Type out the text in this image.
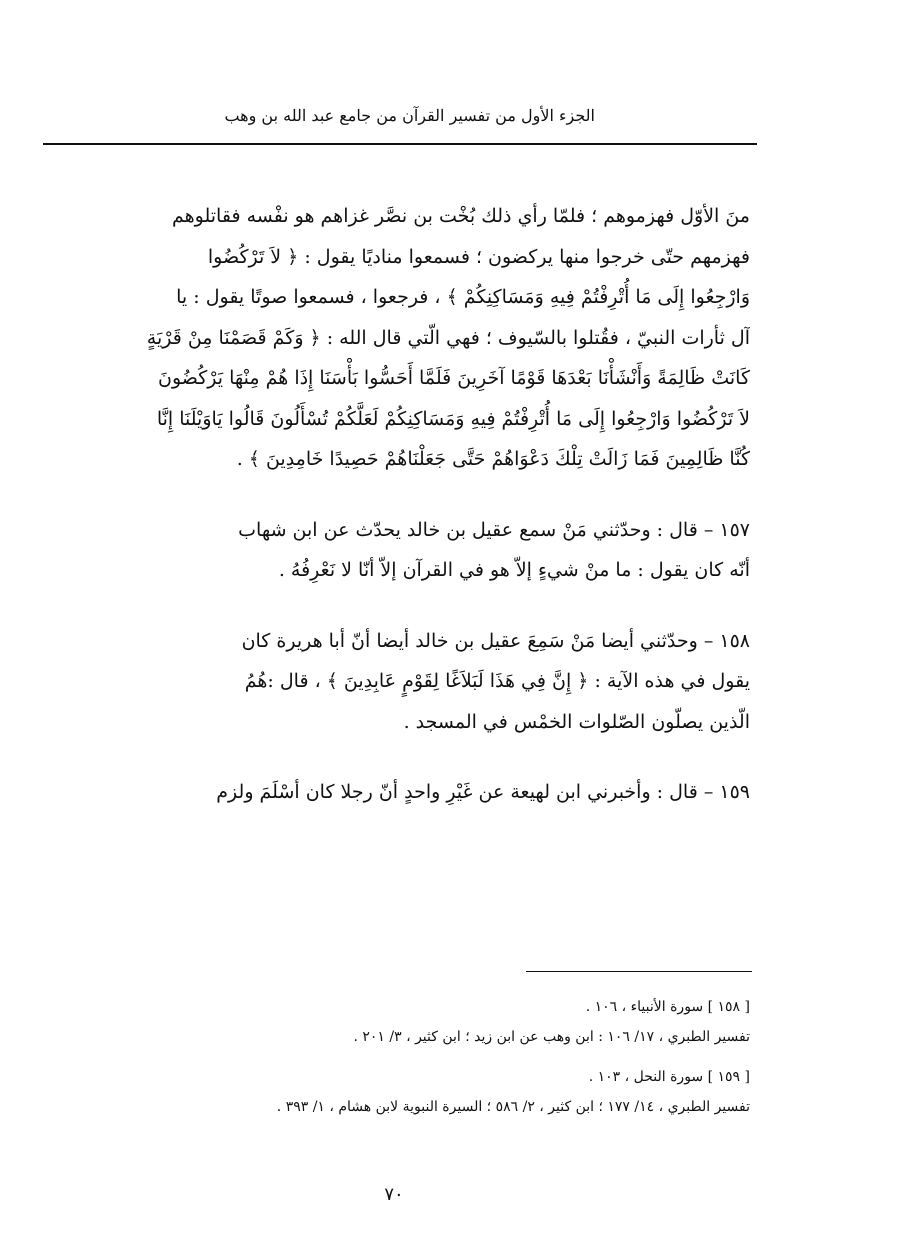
الجزء الأول من تفسير القرآن من جامع عبد الله بن وهب
منَ الأوّل فهزموهم ؛ فلمّا رأي ذلك بُخْت بن نصَّر غزاهم هو نفْسه فقاتلوهم
فهزمهم حتّى خرجوا منها يركضون ؛ فسمعوا مناديًا يقول : ﴿ لاَ تَرْكُضُوا
وَارْجِعُوا إِلَى مَا أُتْرِفْتُمْ فِيهِ وَمَسَاكِنِكُمْ ﴾ ، فرجعوا ، فسمعوا صوتًا يقول : يا
آل ثأرات النبيّ ، فقُتلوا بالسّيوف ؛ فهي الّتي قال الله : ﴿ وَكَمْ قَصَمْنَا مِنْ قَرْيَةٍ
كَانَتْ ظَالِمَةً وَأَنْشَأْنَا بَعْدَهَا قَوْمًا آخَرِينَ فَلَمَّا أَحَسُّوا بَأْسَنَا إِذَا هُمْ مِنْهَا يَرْكُضُونَ
لاَ تَرْكُضُوا وَارْجِعُوا إِلَى مَا أُتْرِفْتُمْ فِيهِ وَمَسَاكِنِكُمْ لَعَلَّكُمْ تُسْأَلُونَ قَالُوا يَاوَيْلَنَا إِنَّا
كُنَّا ظَالِمِينَ فَمَا زَالَتْ تِلْكَ دَعْوَاهُمْ حَتَّى جَعَلْنَاهُمْ حَصِيدًا خَامِدِينَ ﴾ .
١٥٧ – قال : وحدّثني مَنْ سمع عقيل بن خالد يحدّث عن ابن شهاب
أنّه كان يقول : ما منْ شيءٍ إلاّ هو في القرآن إلاّ أنّا لا نَعْرِفُهُ .
١٥٨ – وحدّثني أيضا مَنْ سَمِعَ عقيل بن خالد أيضا أنّ أبا هريرة كان
يقول في هذه الآية : ﴿ إِنَّ فِي هَذَا لَبَلاَغًا لِقَوْمٍ عَابِدِينَ ﴾ ، قال :هُمُ
الّذين يصلّون الصّلوات الخمْس في المسجد .
١٥٩ – قال : وأخبرني ابن لهيعة عن غَيْرِ واحدٍ أنّ رجلا كان أسْلَمَ ولزم
[ ١٥٨ ] سورة الأنبياء ، ١٠٦ .
تفسير الطبري ، ١٧/ ١٠٦ : ابن وهب عن ابن زيد ؛ ابن كثير ، ٣/ ٢٠١ .
[ ١٥٩ ] سورة النحل ، ١٠٣ .
تفسير الطبري ، ١٤/ ١٧٧ ؛ ابن كثير ، ٢/ ٥٨٦ ؛ السيرة النبوية لابن هشام ، ١/ ٣٩٣ .
٧٠
